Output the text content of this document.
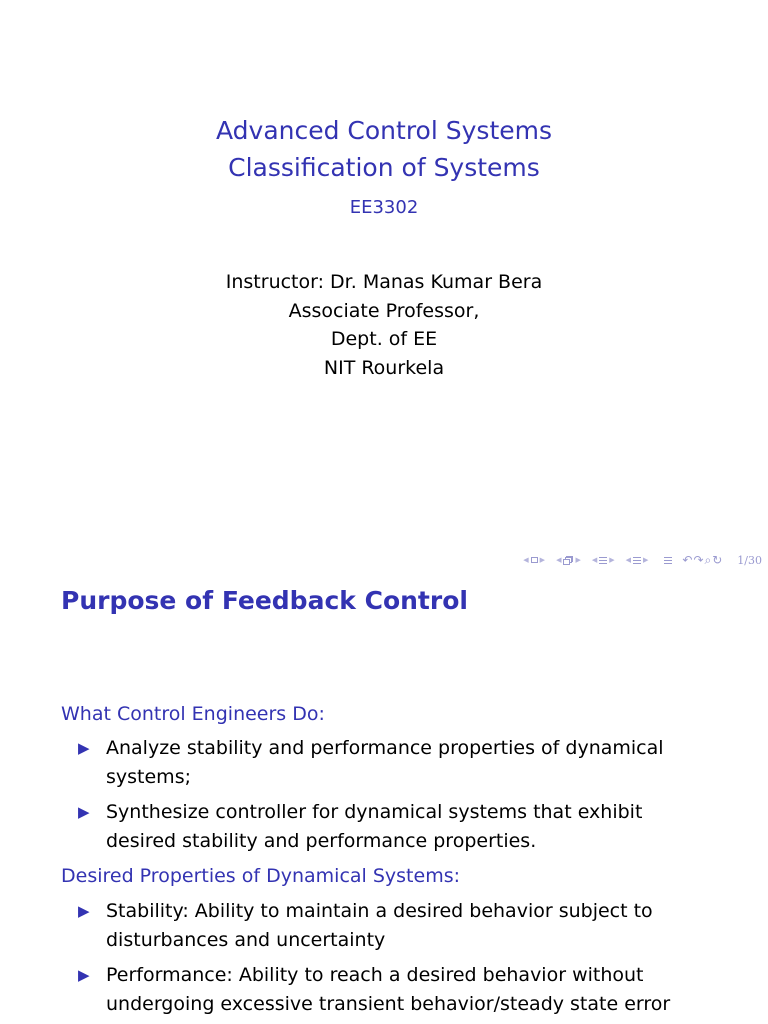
Advanced Control Systems
Classification of Systems
EE3302
Instructor: Dr. Manas Kumar Bera
Associate Professor,
Dept. of EE
NIT Rourkela
◀ ▶ ◀ ▶ ◀ ▶ ◀ ▶	↶↷⌕↻ 1/30
Purpose of Feedback Control
What Control Engineers Do:
▶ Analyze stability and performance properties of dynamical systems;
▶ Synthesize controller for dynamical systems that exhibit desired stability and performance properties.
Desired Properties of Dynamical Systems:
▶ Stability: Ability to maintain a desired behavior subject to disturbances and uncertainty
▶ Performance: Ability to reach a desired behavior without undergoing excessive transient behavior/steady state error
